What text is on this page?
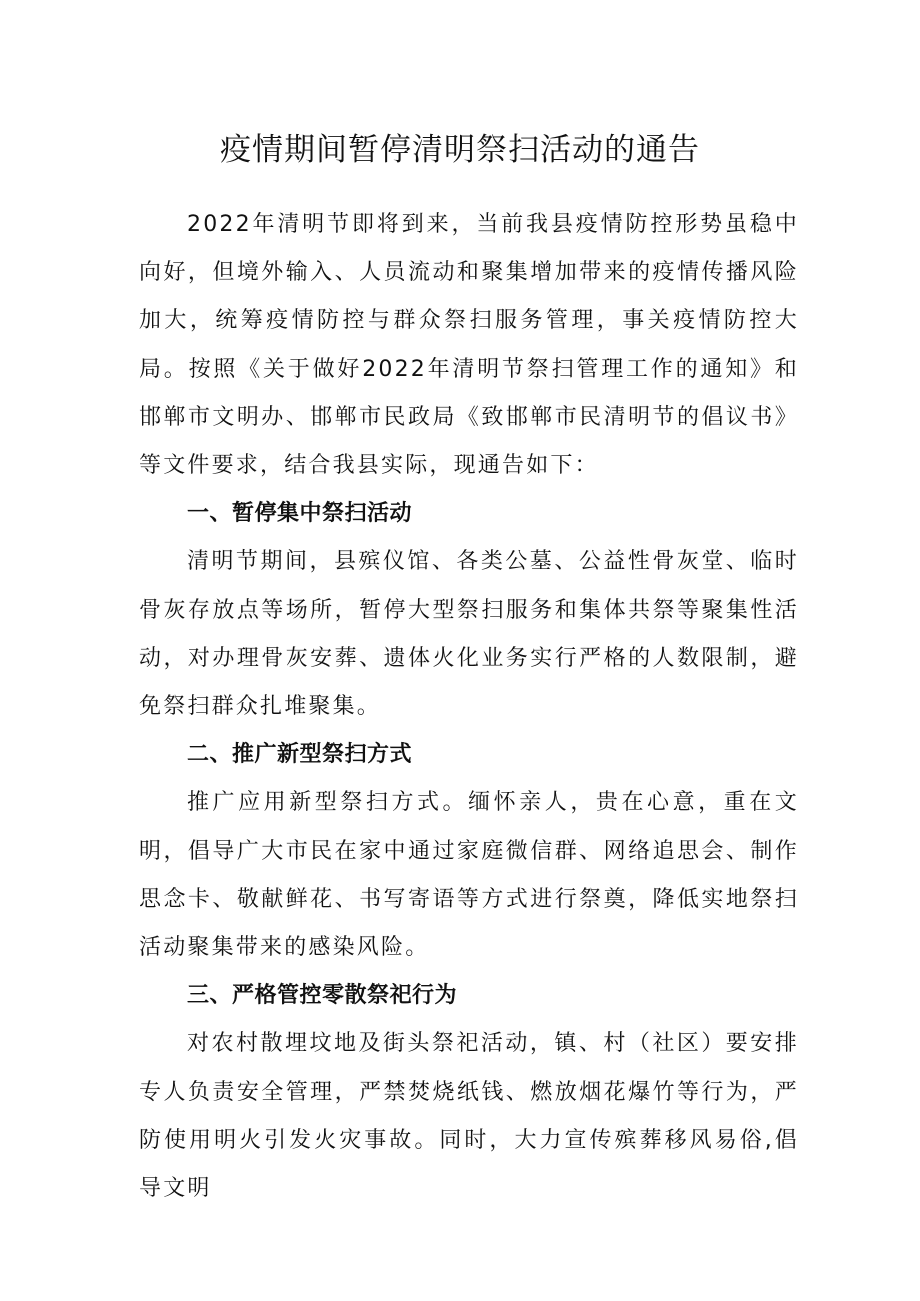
疫情期间暂停清明祭扫活动的通告

2022年清明节即将到来，当前我县疫情防控形势虽稳中向好，但境外输入、人员流动和聚集增加带来的疫情传播风险加大，统筹疫情防控与群众祭扫服务管理，事关疫情防控大局。按照《关于做好2022年清明节祭扫管理工作的通知》和邯郸市文明办、邯郸市民政局《致邯郸市民清明节的倡议书》等文件要求，结合我县实际，现通告如下：

一、暂停集中祭扫活动

清明节期间，县殡仪馆、各类公墓、公益性骨灰堂、临时骨灰存放点等场所，暂停大型祭扫服务和集体共祭等聚集性活动，对办理骨灰安葬、遗体火化业务实行严格的人数限制，避免祭扫群众扎堆聚集。

二、推广新型祭扫方式

推广应用新型祭扫方式。缅怀亲人，贵在心意，重在文明，倡导广大市民在家中通过家庭微信群、网络追思会、制作思念卡、敬献鲜花、书写寄语等方式进行祭奠，降低实地祭扫活动聚集带来的感染风险。

三、严格管控零散祭祀行为

对农村散埋坟地及街头祭祀活动，镇、村（社区）要安排专人负责安全管理，严禁焚烧纸钱、燃放烟花爆竹等行为，严防使用明火引发火灾事故。同时，大力宣传殡葬移风易俗,倡导文明
